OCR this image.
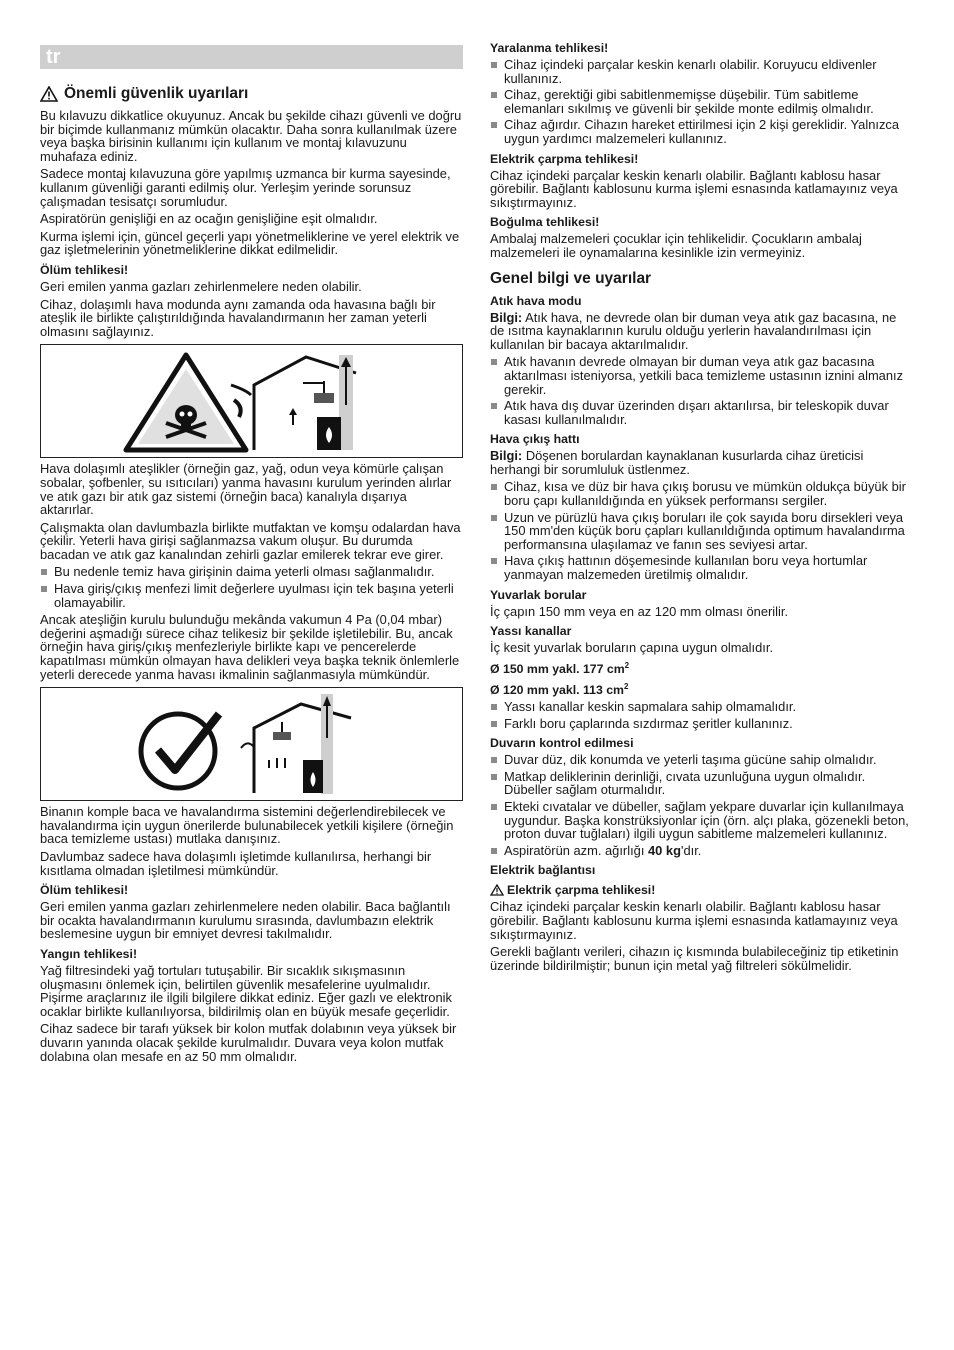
tr
Önemli güvenlik uyarıları

Bu kılavuzu dikkatlice okuyunuz. Ancak bu şekilde cihazı güvenli ve doğru bir biçimde kullanmanız mümkün olacaktır. Daha sonra kullanılmak üzere veya başka birisinin kullanımı için kullanım ve montaj kılavuzunu muhafaza ediniz.

Sadece montaj kılavuzuna göre yapılmış uzmanca bir kurma sayesinde, kullanım güvenliği garanti edilmiş olur. Yerleşim yerinde sorunsuz çalışmadan tesisatçı sorumludur.

Aspiratörün genişliği en az ocağın genişliğine eşit olmalıdır.

Kurma işlemi için, güncel geçerli yapı yönetmeliklerine ve yerel elektrik ve gaz işletmelerinin yönetmeliklerine dikkat edilmelidir.

Ölüm tehlikesi!

Geri emilen yanma gazları zehirlenmelere neden olabilir.

Cihaz, dolaşımlı hava modunda aynı zamanda oda havasına bağlı bir ateşlik ile birlikte çalıştırıldığında havalandırmanın her zaman yeterli olmasını sağlayınız.

Hava dolaşımlı ateşlikler (örneğin gaz, yağ, odun veya kömürle çalışan sobalar, şofbenler, su ısıtıcıları) yanma havasını kurulum yerinden alırlar ve atık gazı bir atık gaz sistemi (örneğin baca) kanalıyla dışarıya aktarırlar.

Çalışmakta olan davlumbazla birlikte mutfaktan ve komşu odalardan hava çekilir. Yeterli hava girişi sağlanmazsa vakum oluşur. Bu durumda bacadan ve atık gaz kanalından zehirli gazlar emilerek tekrar eve girer.

Bu nedenle temiz hava girişinin daima yeterli olması sağlanmalıdır.
Hava giriş/çıkış menfezi limit değerlere uyulması için tek başına yeterli olamayabilir.

Ancak ateşliğin kurulu bulunduğu mekânda vakumun 4 Pa (0,04 mbar) değerini aşmadığı sürece cihaz telikesiz bir şekilde işletilebilir. Bu, ancak örneğin hava giriş/çıkış menfezleriyle birlikte kapı ve pencerelerde kapatılması mümkün olmayan hava delikleri veya başka teknik önlemlerle yeterli derecede yanma havası ikmalinin sağlanmasıyla mümkündür.

Binanın komple baca ve havalandırma sistemini değerlendirebilecek ve havalandırma için uygun önerilerde bulunabilecek yetkili kişilere (örneğin baca temizleme ustası) mutlaka danışınız.

Davlumbaz sadece hava dolaşımlı işletimde kullanılırsa, herhangi bir kısıtlama olmadan işletilmesi mümkündür.

Ölüm tehlikesi!

Geri emilen yanma gazları zehirlenmelere neden olabilir. Baca bağlantılı bir ocakta havalandırmanın kurulumu sırasında, davlumbazın elektrik beslemesine uygun bir emniyet devresi takılmalıdır.

Yangın tehlikesi!

Yağ filtresindeki yağ tortuları tutuşabilir. Bir sıcaklık sıkışmasının oluşmasını önlemek için, belirtilen güvenlik mesafelerine uyulmalıdır. Pişirme araçlarınız ile ilgili bilgilere dikkat ediniz. Eğer gazlı ve elektronik ocaklar birlikte kullanılıyorsa, bildirilmiş olan en büyük mesafe geçerlidir.

Cihaz sadece bir tarafı yüksek bir kolon mutfak dolabının veya yüksek bir duvarın yanında olacak şekilde kurulmalıdır. Duvara veya kolon mutfak dolabına olan mesafe en az 50 mm olmalıdır.

Yaralanma tehlikesi!
Cihaz içindeki parçalar keskin kenarlı olabilir. Koruyucu eldivenler kullanınız.
Cihaz, gerektiği gibi sabitlenmemişse düşebilir. Tüm sabitleme elemanları sıkılmış ve güvenli bir şekilde monte edilmiş olmalıdır.
Cihaz ağırdır. Cihazın hareket ettirilmesi için 2 kişi gereklidir. Yalnızca uygun yardımcı malzemeleri kullanınız.
Elektrik çarpma tehlikesi!

Cihaz içindeki parçalar keskin kenarlı olabilir. Bağlantı kablosu hasar görebilir. Bağlantı kablosunu kurma işlemi esnasında katlamayınız veya sıkıştırmayınız.

Boğulma tehlikesi!

Ambalaj malzemeleri çocuklar için tehlikelidir. Çocukların ambalaj malzemeleri ile oynamalarına kesinlikle izin vermeyiniz.

Genel bilgi ve uyarılar
Atık hava modu

Bilgi: Atık hava, ne devrede olan bir duman veya atık gaz bacasına, ne de ısıtma kaynaklarının kurulu olduğu yerlerin havalandırılması için kullanılan bir bacaya aktarılmalıdır.

Atık havanın devrede olmayan bir duman veya atık gaz bacasına aktarılması isteniyorsa, yetkili baca temizleme ustasının iznini almanız gerekir.
Atık hava dış duvar üzerinden dışarı aktarılırsa, bir teleskopik duvar kasası kullanılmalıdır.
Hava çıkış hattı

Bilgi: Döşenen borulardan kaynaklanan kusurlarda cihaz üreticisi herhangi bir sorumluluk üstlenmez.

Cihaz, kısa ve düz bir hava çıkış borusu ve mümkün oldukça büyük bir boru çapı kullanıldığında en yüksek performansı sergiler.
Uzun ve pürüzlü hava çıkış boruları ile çok sayıda boru dirsekleri veya 150 mm'den küçük boru çapları kullanıldığında optimum havalandırma performansına ulaşılamaz ve fanın ses seviyesi artar.
Hava çıkış hattının döşemesinde kullanılan boru veya hortumlar yanmayan malzemeden üretilmiş olmalıdır.
Yuvarlak borular

İç çapın 150 mm veya en az 120 mm olması önerilir.

Yassı kanallar

İç kesit yuvarlak boruların çapına uygun olmalıdır.

Ø 150 mm yakl. 177 $cm^2$
Ø 120 mm yakl. 113 $cm^2$
Yassı kanallar keskin sapmalara sahip olmamalıdır.
Farklı boru çaplarında sızdırmaz şeritler kullanınız.
Duvarın kontrol edilmesi
Duvar düz, dik konumda ve yeterli taşıma gücüne sahip olmalıdır.
Matkap deliklerinin derinliği, cıvata uzunluğuna uygun olmalıdır. Dübeller sağlam oturmalıdır.
Ekteki cıvatalar ve dübeller, sağlam yekpare duvarlar için kullanılmaya uygundur. Başka konstrüksiyonlar için (örn. alçı plaka, gözenekli beton, proton duvar tuğlaları) ilgili uygun sabitleme malzemeleri kullanınız.
Aspiratörün azm. ağırlığı 40 kg'dır.
Elektrik bağlantısı
Elektrik çarpma tehlikesi!

Cihaz içindeki parçalar keskin kenarlı olabilir. Bağlantı kablosu hasar görebilir. Bağlantı kablosunu kurma işlemi esnasında katlamayınız veya sıkıştırmayınız.

Gerekli bağlantı verileri, cihazın iç kısmında bulabileceğiniz tip etiketinin üzerinde bildirilmiştir; bunun için metal yağ filtreleri sökülmelidir.
